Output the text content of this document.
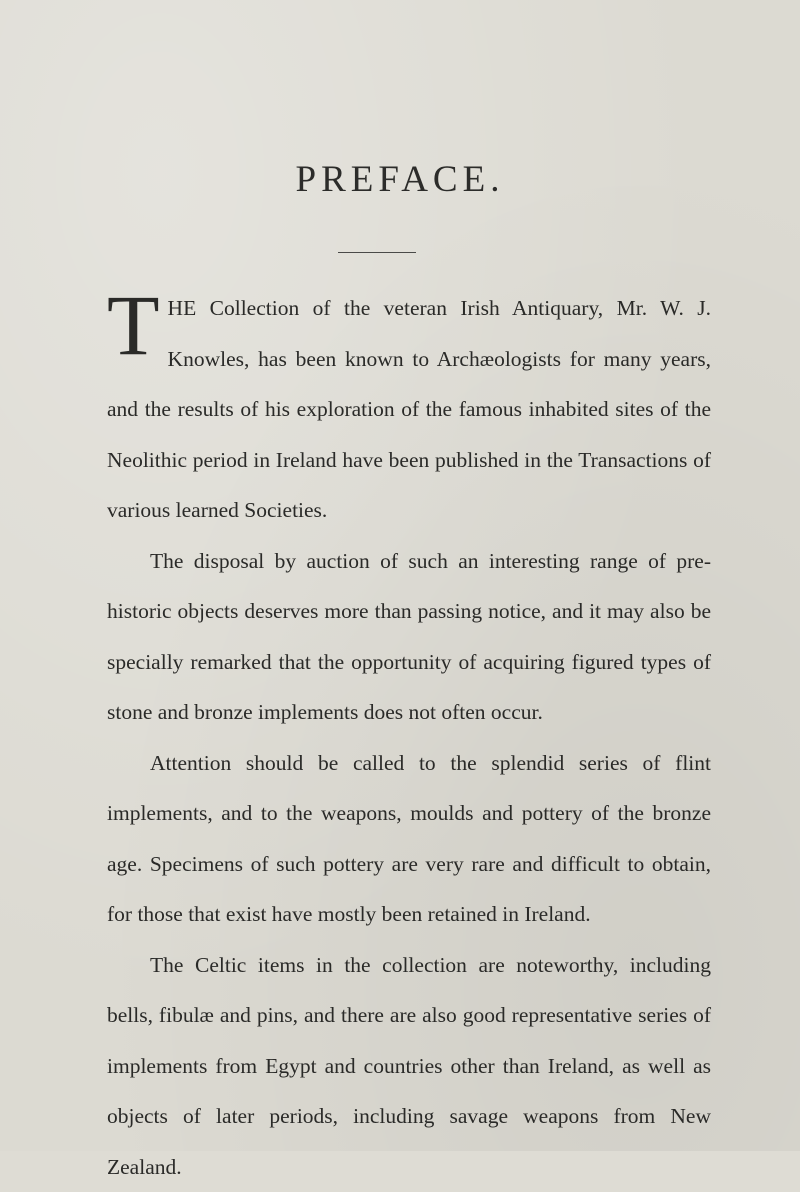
PREFACE.

THE Collection of the veteran Irish Antiquary, Mr. W. J. Knowles, has been known to Archæologists for many years, and the results of his exploration of the famous inhabited sites of the Neolithic period in Ireland have been published in the Transactions of various learned Societies.

The disposal by auction of such an interesting range of pre-historic objects deserves more than passing notice, and it may also be specially remarked that the opportunity of acquiring figured types of stone and bronze implements does not often occur.

Attention should be called to the splendid series of flint implements, and to the weapons, moulds and pottery of the bronze age. Specimens of such pottery are very rare and difficult to obtain, for those that exist have mostly been retained in Ireland.

The Celtic items in the collection are noteworthy, including bells, fibulæ and pins, and there are also good representative series of implements from Egypt and countries other than Ireland, as well as objects of later periods, including savage weapons from New Zealand.
